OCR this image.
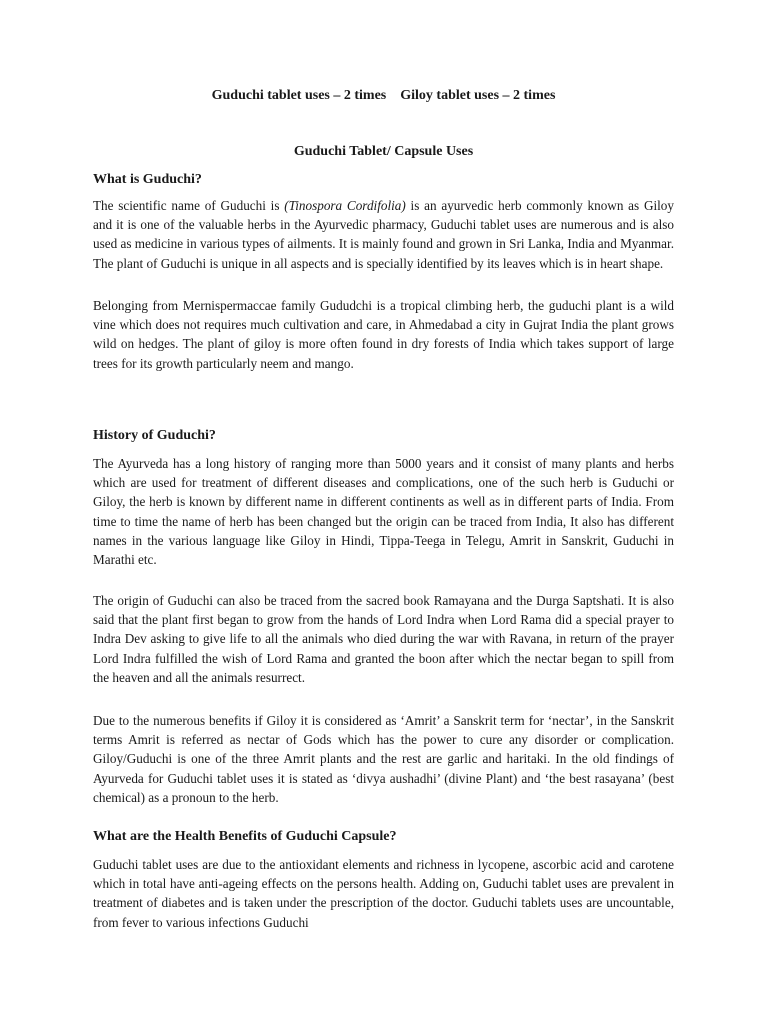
Guduchi tablet uses – 2 times    Giloy tablet uses – 2 times
Guduchi Tablet/ Capsule Uses
What is Guduchi?
The scientific name of Guduchi is (Tinospora Cordifolia) is an ayurvedic herb commonly known as Giloy and it is one of the valuable herbs in the Ayurvedic pharmacy, Guduchi tablet uses are numerous and is also used as medicine in various types of ailments. It is mainly found and grown in Sri Lanka, India and Myanmar. The plant of Guduchi is unique in all aspects and is specially identified by its leaves which is in heart shape.
Belonging from Mernispermaccae family Gududchi is a tropical climbing herb, the guduchi plant is a wild vine which does not requires much cultivation and care, in Ahmedabad a city in Gujrat India the plant grows wild on hedges. The plant of giloy is more often found in dry forests of India which takes support of large trees for its growth particularly neem and mango.
History of Guduchi?
The Ayurveda has a long history of ranging more than 5000 years and it consist of many plants and herbs which are used for treatment of different diseases and complications, one of the such herb is Guduchi or Giloy, the herb is known by different name in different continents as well as in different parts of India. From time to time the name of herb has been changed but the origin can be traced from India, It also has different names in the various language like Giloy in Hindi, Tippa-Teega in Telegu, Amrit in Sanskrit, Guduchi in Marathi etc.
The origin of Guduchi can also be traced from the sacred book Ramayana and the Durga Saptshati. It is also said that the plant first began to grow from the hands of Lord Indra when Lord Rama did a special prayer to Indra Dev asking to give life to all the animals who died during the war with Ravana, in return of the prayer Lord Indra fulfilled the wish of Lord Rama and granted the boon after which the nectar began to spill from the heaven and all the animals resurrect.
Due to the numerous benefits if Giloy it is considered as ‘Amrit’ a Sanskrit term for ‘nectar’, in the Sanskrit terms Amrit is referred as nectar of Gods which has the power to cure any disorder or complication. Giloy/Guduchi is one of the three Amrit plants and the rest are garlic and haritaki. In the old findings of Ayurveda for Guduchi tablet uses it is stated as ‘divya aushadhi’ (divine Plant) and ‘the best rasayana’ (best chemical) as a pronoun to the herb.
What are the Health Benefits of Guduchi Capsule?
Guduchi tablet uses are due to the antioxidant elements and richness in lycopene, ascorbic acid and carotene which in total have anti-ageing effects on the persons health. Adding on, Guduchi tablet uses are prevalent in treatment of diabetes and is taken under the prescription of the doctor. Guduchi tablets uses are uncountable, from fever to various infections Guduchi
